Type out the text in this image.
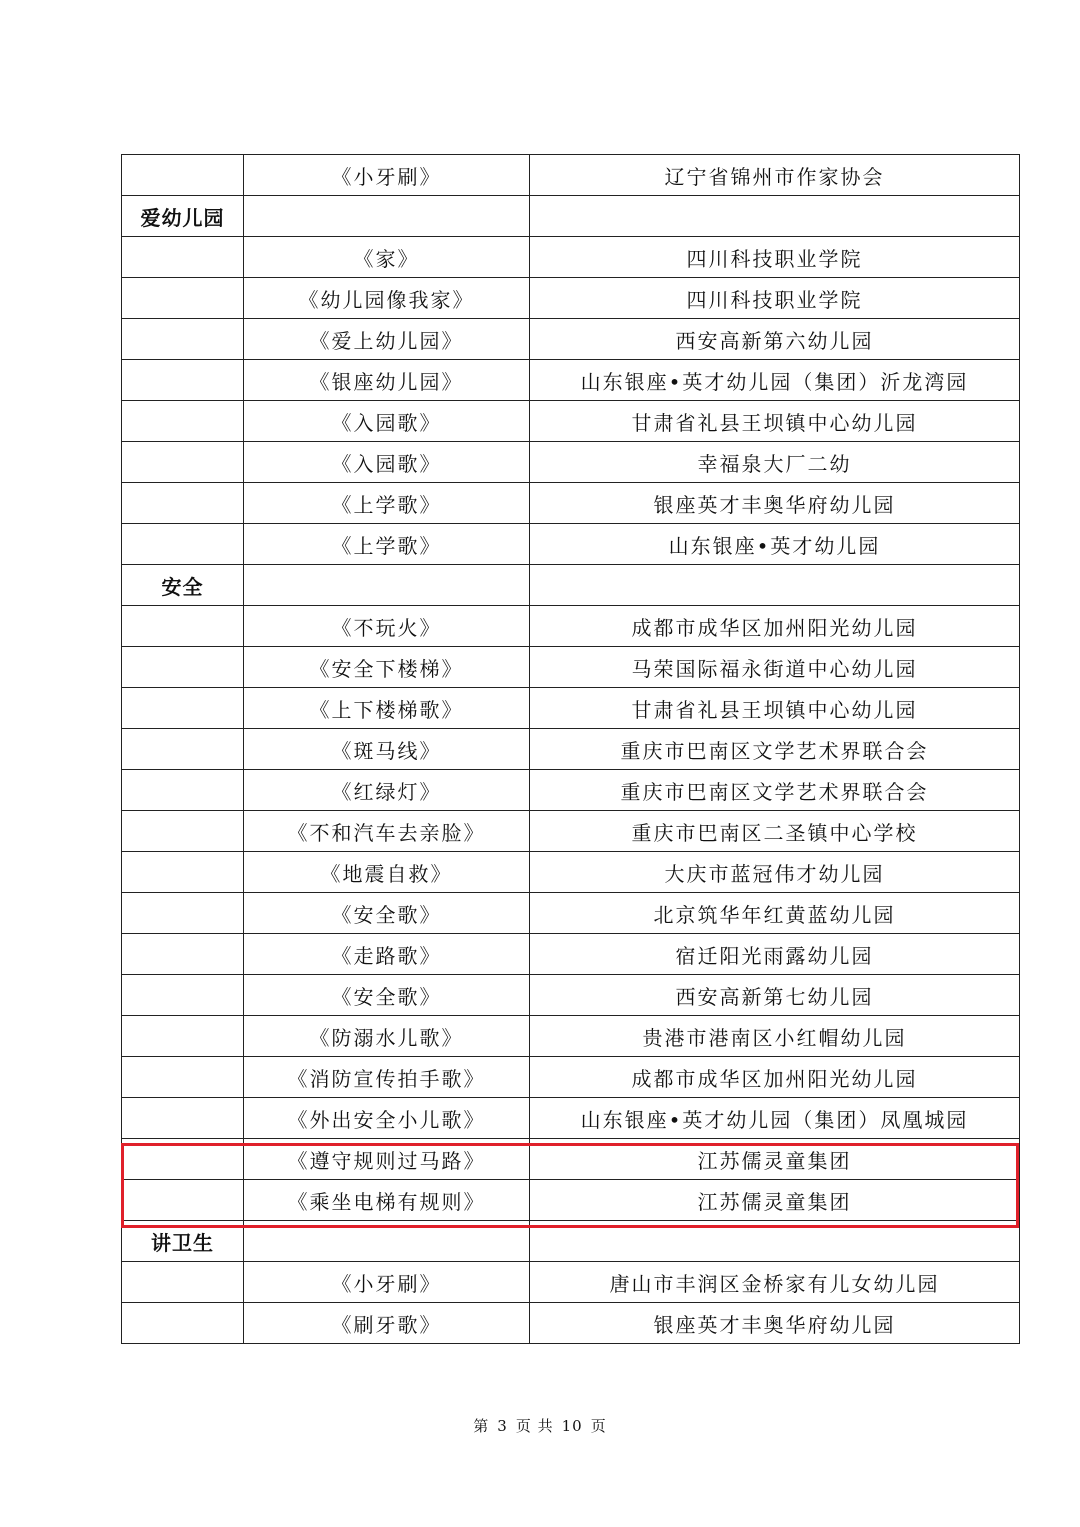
	《小牙刷》	辽宁省锦州市作家协会
爱幼儿园		
	《家》	四川科技职业学院
	《幼儿园像我家》	四川科技职业学院
	《爱上幼儿园》	西安高新第六幼儿园
	《银座幼儿园》	山东银座•英才幼儿园（集团）沂龙湾园
	《入园歌》	甘肃省礼县王坝镇中心幼儿园
	《入园歌》	幸福泉大厂二幼
	《上学歌》	银座英才丰奥华府幼儿园
	《上学歌》	山东银座•英才幼儿园
安全		
	《不玩火》	成都市成华区加州阳光幼儿园
	《安全下楼梯》	马荣国际福永街道中心幼儿园
	《上下楼梯歌》	甘肃省礼县王坝镇中心幼儿园
	《斑马线》	重庆市巴南区文学艺术界联合会
	《红绿灯》	重庆市巴南区文学艺术界联合会
	《不和汽车去亲脸》	重庆市巴南区二圣镇中心学校
	《地震自救》	大庆市蓝冠伟才幼儿园
	《安全歌》	北京筑华年红黄蓝幼儿园
	《走路歌》	宿迁阳光雨露幼儿园
	《安全歌》	西安高新第七幼儿园
	《防溺水儿歌》	贵港市港南区小红帽幼儿园
	《消防宣传拍手歌》	成都市成华区加州阳光幼儿园
	《外出安全小儿歌》	山东银座•英才幼儿园（集团）凤凰城园
	《遵守规则过马路》	江苏儒灵童集团
	《乘坐电梯有规则》	江苏儒灵童集团
讲卫生		
	《小牙刷》	唐山市丰润区金桥家有儿女幼儿园
	《刷牙歌》	银座英才丰奥华府幼儿园
第 3 页 共 10 页
